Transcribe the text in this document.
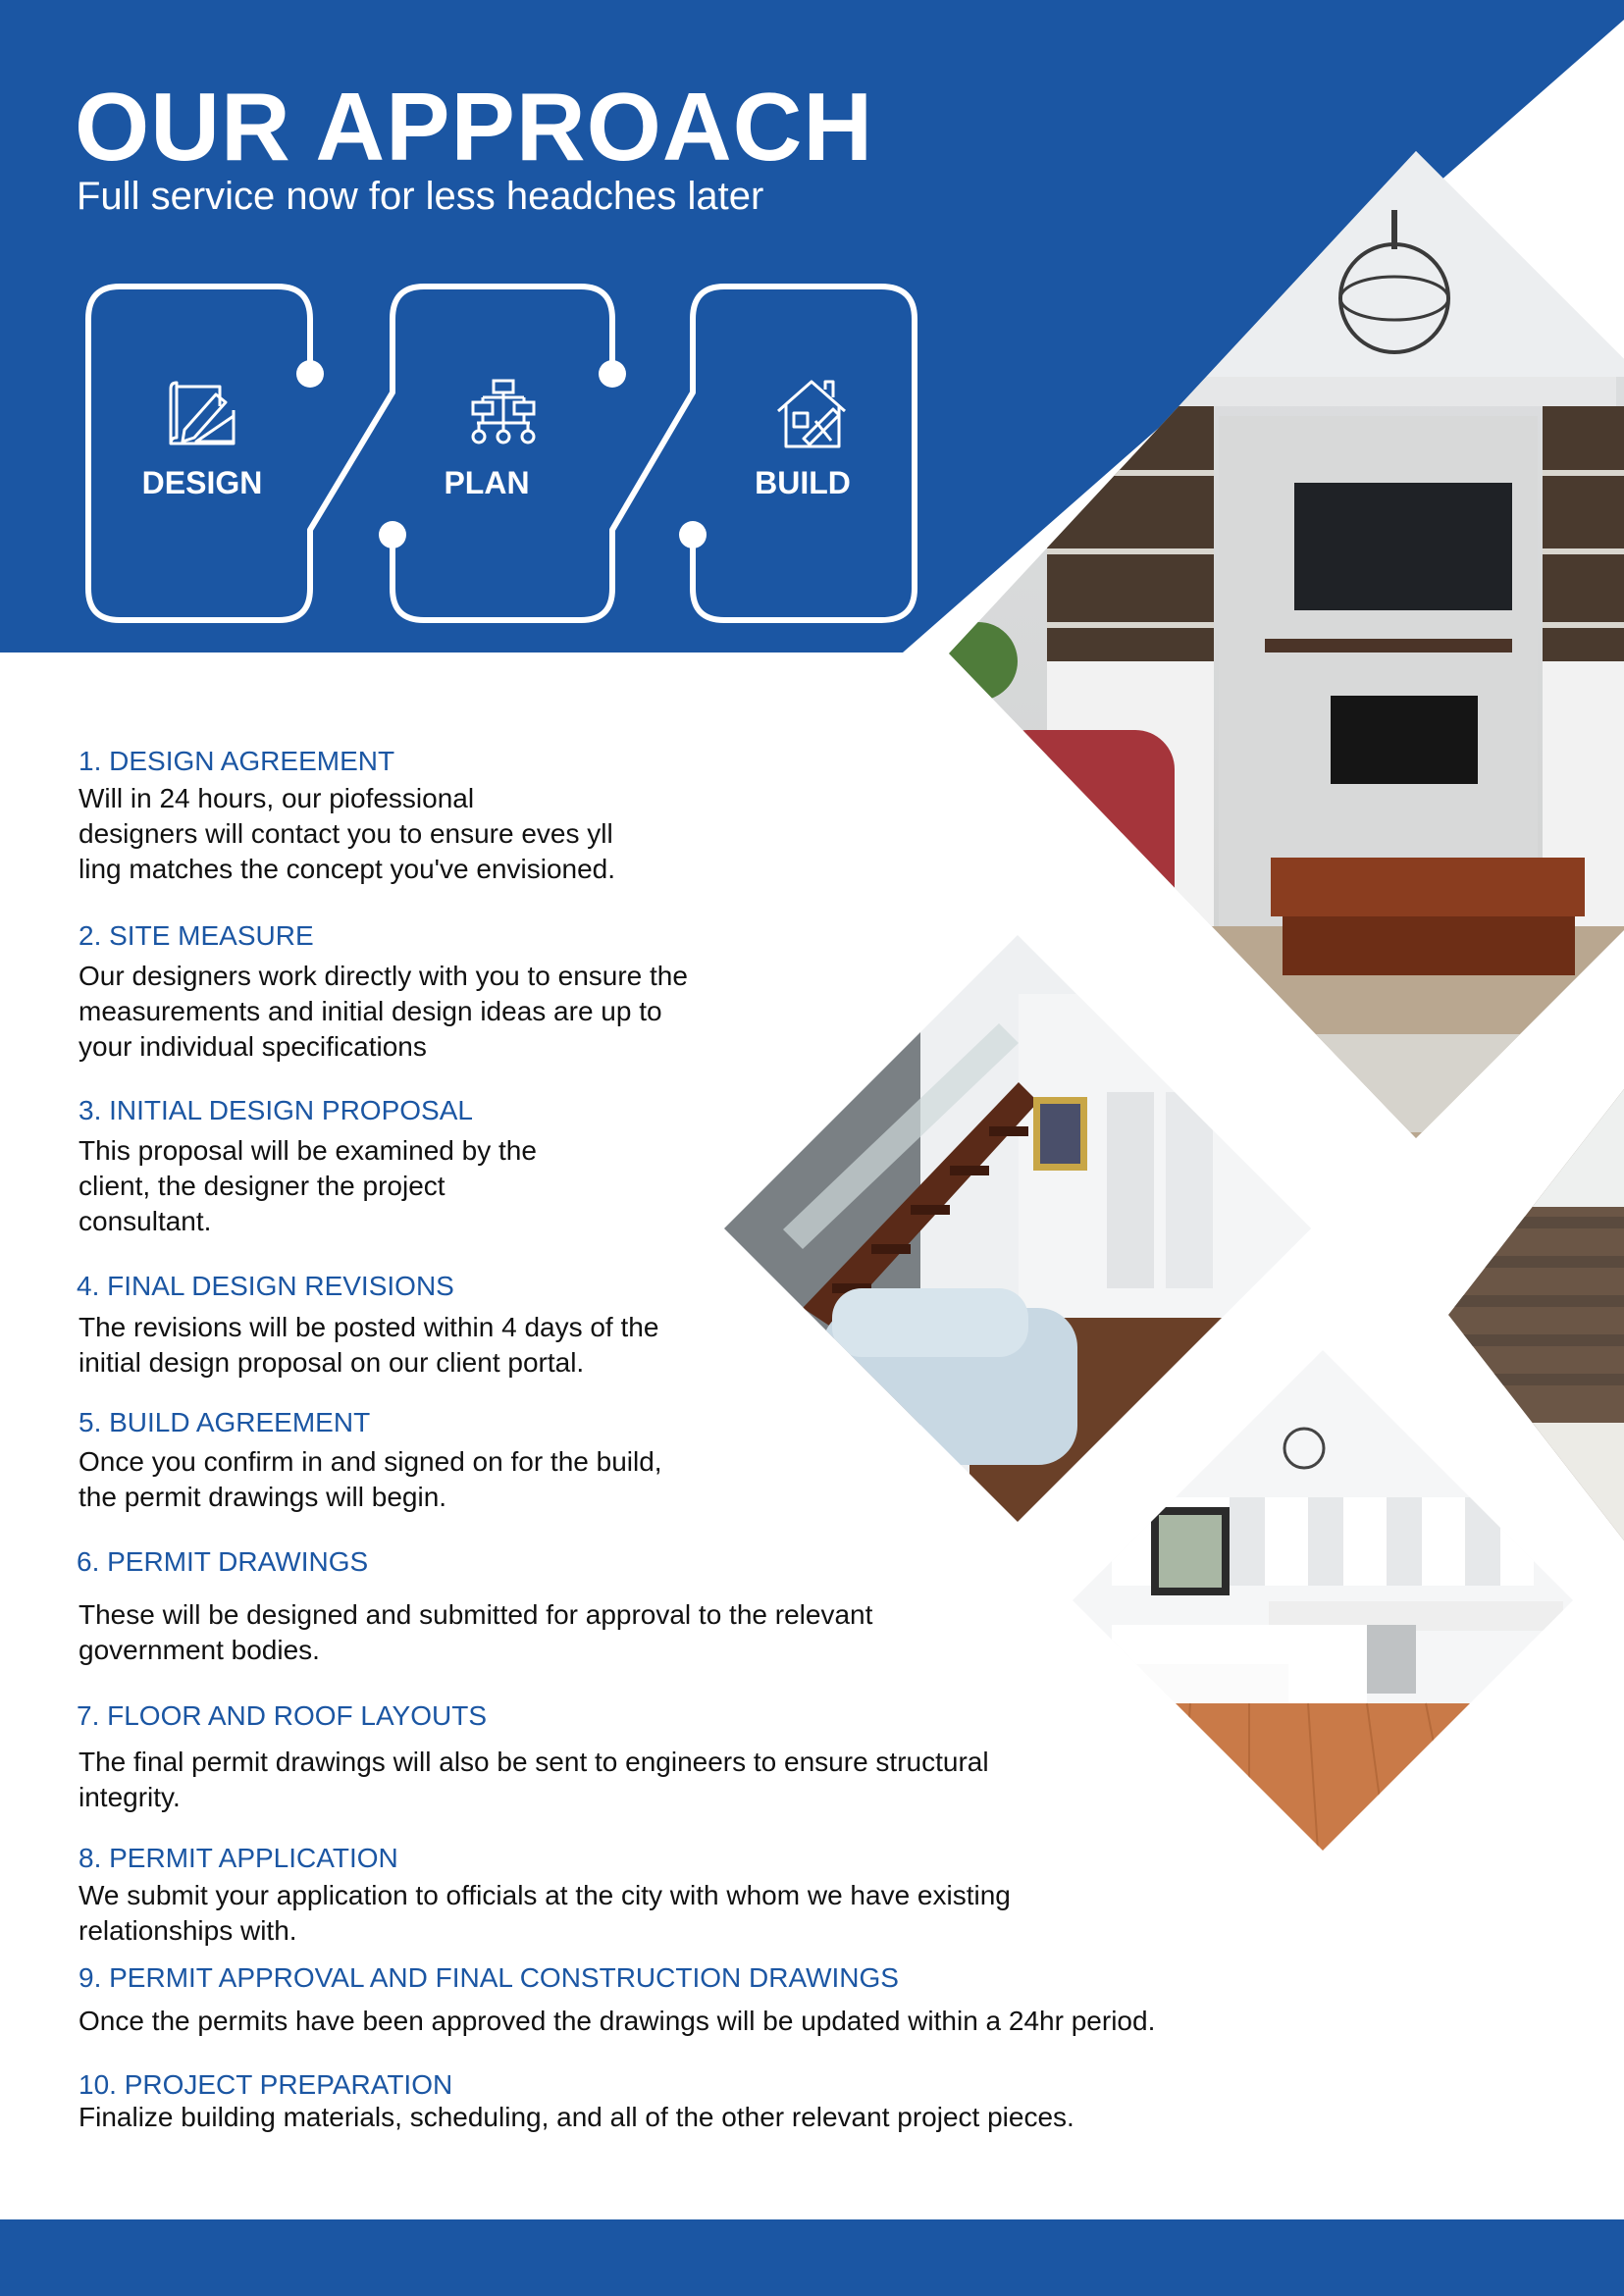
OUR APPROACH

Full service now for less headches later

DESIGN	PLAN	BUILD
1. DESIGN AGREEMENT
Will in 24 hours, our piofessional
designers will contact you to ensure eves yll
ling matches the concept you've envisioned.
2. SITE MEASURE
Our designers work directly with you to ensure the
measurements and initial design ideas are up to
your individual specifications
3. INITIAL DESIGN PROPOSAL
This proposal will be examined by the
client, the designer the project
consultant.
4. FINAL DESIGN REVISIONS
The revisions will be posted within 4 days of the
initial design proposal on our client portal.
5. BUILD AGREEMENT
Once you confirm in and signed on for the build,
the permit drawings will begin.
6. PERMIT DRAWINGS
These will be designed and submitted for approval to the relevant
government bodies.
7. FLOOR AND ROOF LAYOUTS
The final permit drawings will also be sent to engineers to ensure structural
integrity.
8. PERMIT APPLICATION
We submit your application to officials at the city with whom we have existing
relationships with.
9. PERMIT APPROVAL AND FINAL CONSTRUCTION DRAWINGS
Once the permits have been approved the drawings will be updated within a 24hr period.
10. PROJECT PREPARATION
Finalize building materials, scheduling, and all of the other relevant project pieces.
